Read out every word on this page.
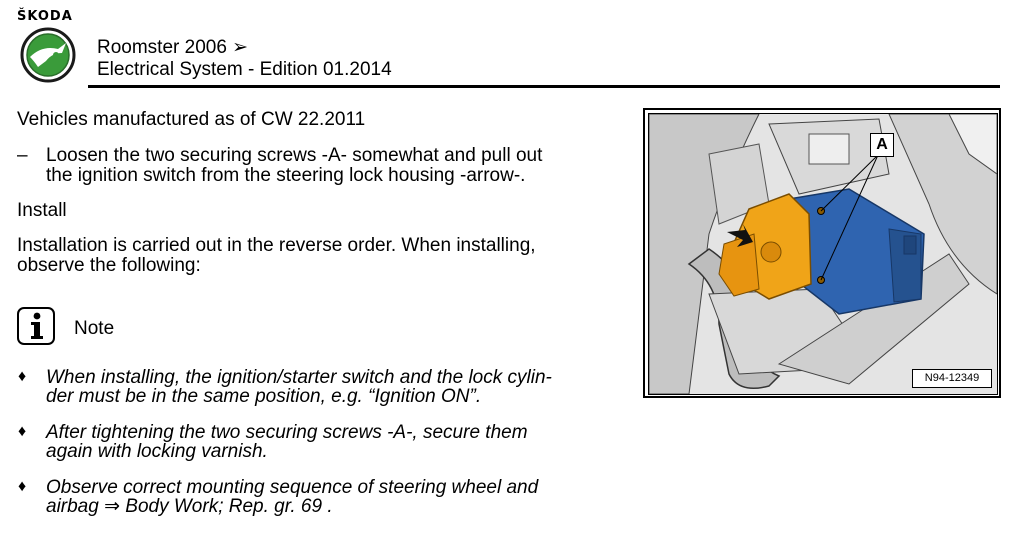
ŠKODA
Roomster 2006 ➢
Electrical System - Edition 01.2014
Vehicles manufactured as of CW 22.2011
– Loosen the two securing screws -A- somewhat and pull out
the ignition switch from the steering lock housing -arrow-.
Install
Installation is carried out in the reverse order. When installing,
observe the following:
Note
♦ When installing, the ignition/starter switch and the lock cylin-
der must be in the same position, e.g. “Ignition ON”.
♦ After tightening the two securing screws -A-, secure them
again with locking varnish.
♦ Observe correct mounting sequence of steering wheel and
airbag ⇒ Body Work; Rep. gr. 69 .
A
N94-12349
